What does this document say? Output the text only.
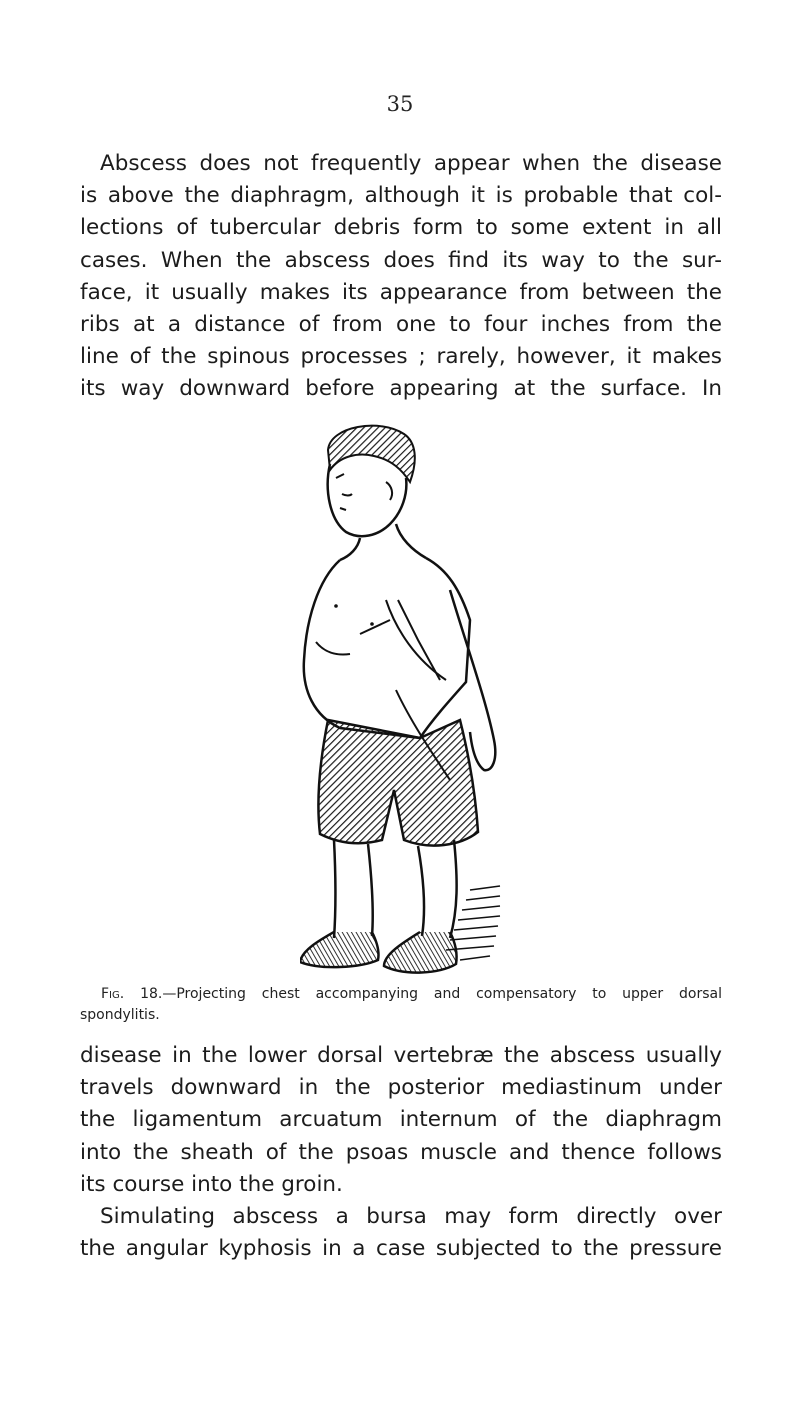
35
Abscess does not frequently appear when the disease
is above the diaphragm, although it is probable that col-
lections of tubercular debris form to some extent in all
cases. When the abscess does find its way to the sur-
face, it usually makes its appearance from between the
ribs at a distance of from one to four inches from the
line of the spinous processes ; rarely, however, it makes
its way downward before appearing at the surface. In
Fig. 18.—Projecting chest accompanying and compensatory to upper dorsal
spondylitis.
disease in the lower dorsal vertebræ the abscess usually
travels downward in the posterior mediastinum under
the ligamentum arcuatum internum of the diaphragm
into the sheath of the psoas muscle and thence follows
its course into the groin.
Simulating abscess a bursa may form directly over
the angular kyphosis in a case subjected to the pressure
